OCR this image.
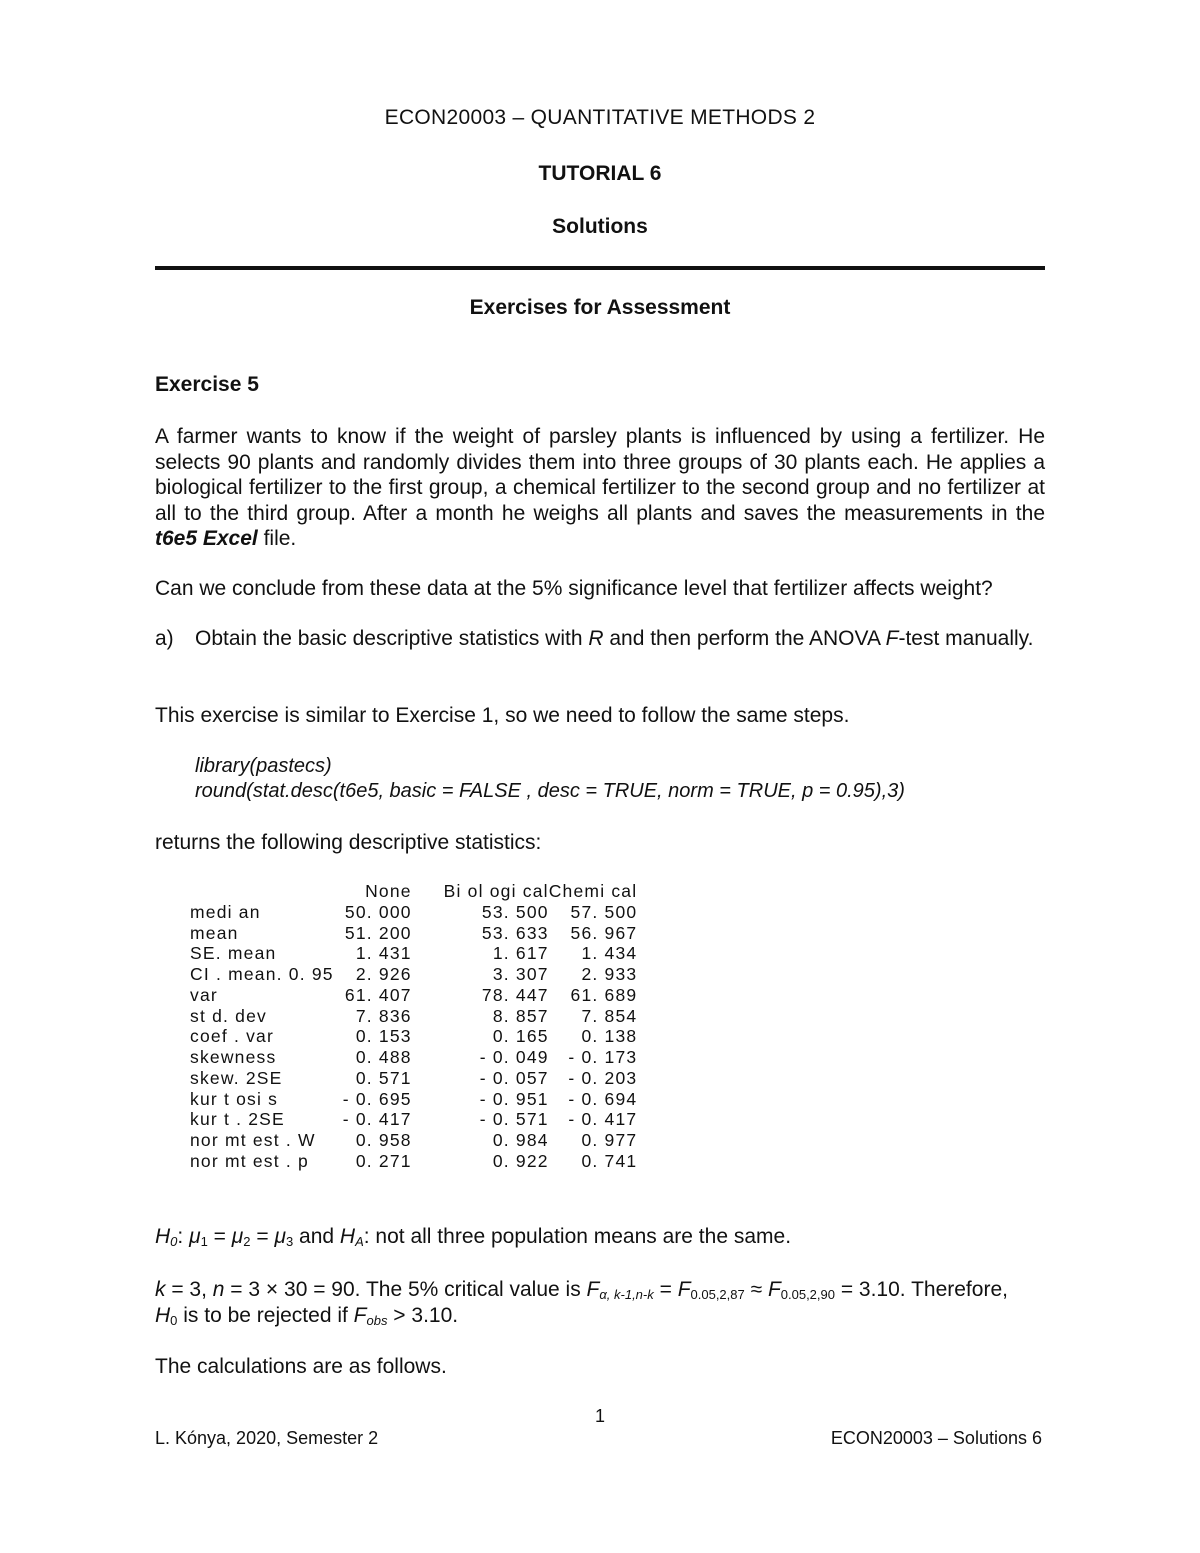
ECON20003 – QUANTITATIVE METHODS 2
TUTORIAL 6
Solutions
Exercises for Assessment
Exercise 5
A farmer wants to know if the weight of parsley plants is influenced by using a fertilizer. He selects 90 plants and randomly divides them into three groups of 30 plants each. He applies a biological fertilizer to the first group, a chemical fertilizer to the second group and no fertilizer at all to the third group. After a month he weighs all plants and saves the measurements in the t6e5 Excel file.
Can we conclude from these data at the 5% significance level that fertilizer affects weight?
a)	Obtain the basic descriptive statistics with R and then perform the ANOVA F-test manually.
This exercise is similar to Exercise 1, so we need to follow the same steps.
library(pastecs)
round(stat.desc(t6e5, basic = FALSE , desc = TRUE, norm = TRUE, p = 0.95),3)
returns the following descriptive statistics:
	None	Bi ol ogi cal	Chemi cal
medi an	50. 000	53. 500	57. 500
mean	51. 200	53. 633	56. 967
SE. mean	1. 431	1. 617	1. 434
CI . mean. 0. 95	2. 926	3. 307	2. 933
var	61. 407	78. 447	61. 689
st d. dev	7. 836	8. 857	7. 854
coef . var	0. 153	0. 165	0. 138
skewness	0. 488	- 0. 049	- 0. 173
skew. 2SE	0. 571	- 0. 057	- 0. 203
kur t osi s	- 0. 695	- 0. 951	- 0. 694
kur t . 2SE	- 0. 417	- 0. 571	- 0. 417
nor mt est . W	0. 958	0. 984	0. 977
nor mt est . p	0. 271	0. 922	0. 741
$H_0$: $\mu_1 = \mu_2 = \mu_3$ and $H_A$: not all three population means are the same.
k = 3, n = 3 × 30 = 90. The 5% critical value is $F_{\alpha, k-1,n-k} = F_{0.05,2,87} \approx F_{0.05,2,90} = 3.10$. Therefore,
$H_0$ is to be rejected if $F_{obs} > 3.10$.
The calculations are as follows.
1
L. Kónya, 2020, Semester 2	ECON20003 – Solutions 6
